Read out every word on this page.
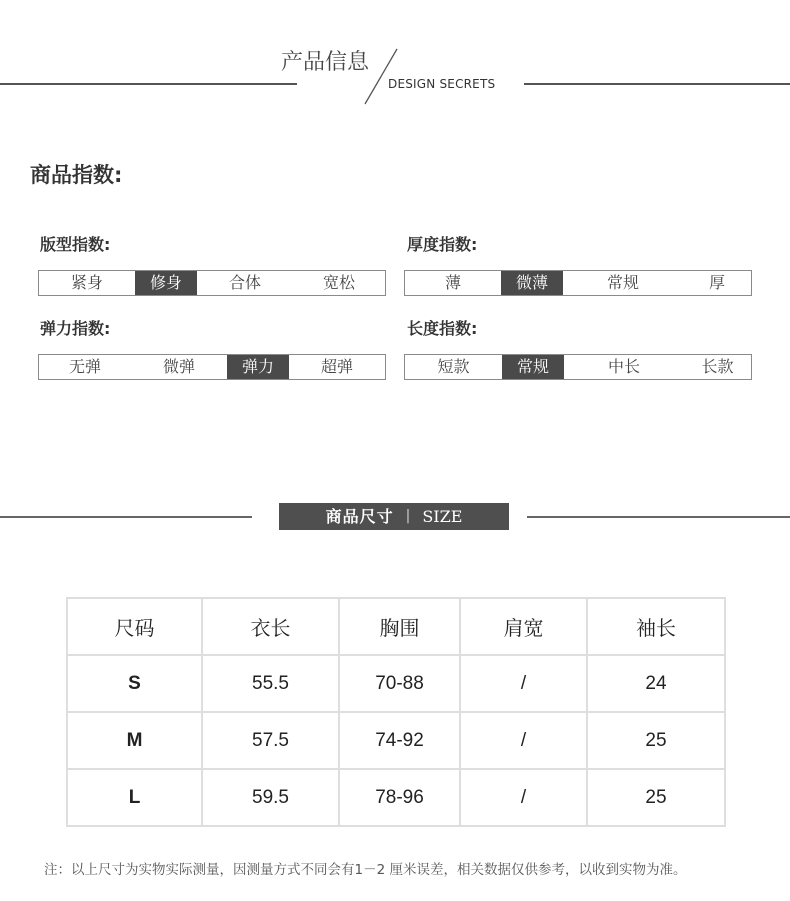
产品信息
DESIGN SECRETS
商品指数:
版型指数:
紧身	修身	合体	宽松
厚度指数:
薄	微薄	常规	厚
弹力指数:
无弹	微弹	弹力	超弹
长度指数:
短款	常规	中长	长款
商品尺寸 | SIZE
尺码	衣长	胸围	肩宽	袖长
S	55.5	70-88	/	24
M	57.5	74-92	/	25
L	59.5	78-96	/	25
注：以上尺寸为实物实际测量，因测量方式不同会有1－2 厘米误差，相关数据仅供参考，以收到实物为准。
